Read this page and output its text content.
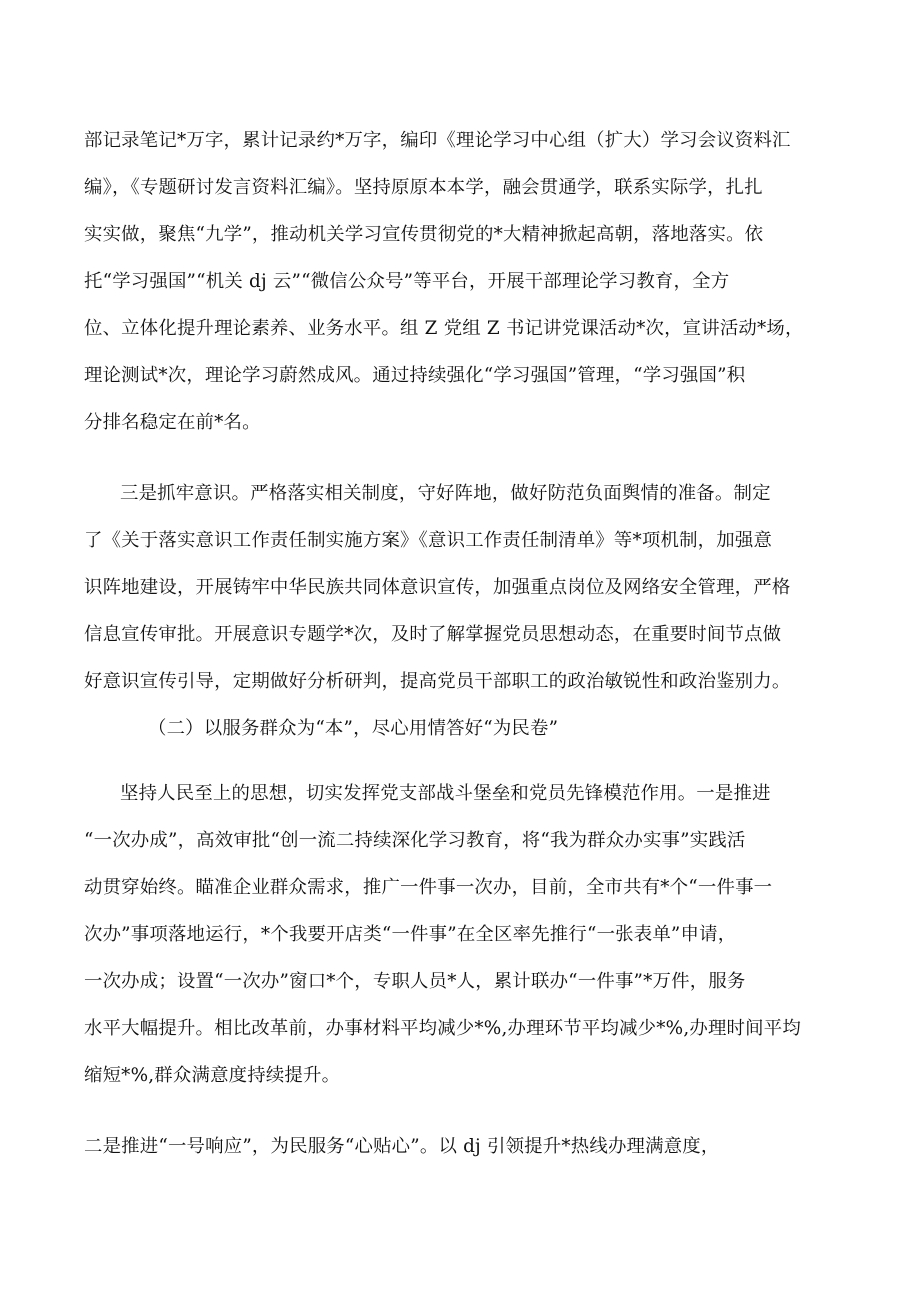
部记录笔记*万字，累计记录约*万字，编印《理论学习中心组（扩大）学习会议资料汇
编》，《专题研讨发言资料汇编》。坚持原原本本学，融会贯通学，联系实际学，扎扎
实实做，聚焦“九学”，推动机关学习宣传贯彻党的*大精神掀起高朝，落地落实。依
托“学习强国”“机关 dj 云”“微信公众号”等平台，开展干部理论学习教育，全方
位、立体化提升理论素养、业务水平。组 Z 党组 Z 书记讲党课活动*次，宣讲活动*场，
理论测试*次，理论学习蔚然成风。通过持续强化“学习强国”管理，“学习强国”积
分排名稳定在前*名。
三是抓牢意识。严格落实相关制度，守好阵地，做好防范负面舆情的准备。制定
了《关于落实意识工作责任制实施方案》《意识工作责任制清单》等*项机制，加强意
识阵地建设，开展铸牢中华民族共同体意识宣传，加强重点岗位及网络安全管理，严格
信息宣传审批。开展意识专题学*次，及时了解掌握党员思想动态，在重要时间节点做
好意识宣传引导，定期做好分析研判，提高党员干部职工的政治敏锐性和政治鉴别力。
（二）以服务群众为“本”，尽心用情答好“为民卷”
坚持人民至上的思想，切实发挥党支部战斗堡垒和党员先锋模范作用。一是推进
“一次办成”，高效审批“创一流二持续深化学习教育，将“我为群众办实事”实践活
动贯穿始终。瞄准企业群众需求，推广一件事一次办，目前，全市共有*个“一件事一
次办”事项落地运行，*个我要开店类“一件事”在全区率先推行“一张表单”申请，
一次办成；设置“一次办”窗口*个，专职人员*人，累计联办“一件事”*万件，服务
水平大幅提升。相比改革前，办事材料平均减少*%,办理环节平均减少*%,办理时间平均
缩短*%,群众满意度持续提升。
二是推进“一号响应”，为民服务“心贴心”。以 dj 引领提升*热线办理满意度，
